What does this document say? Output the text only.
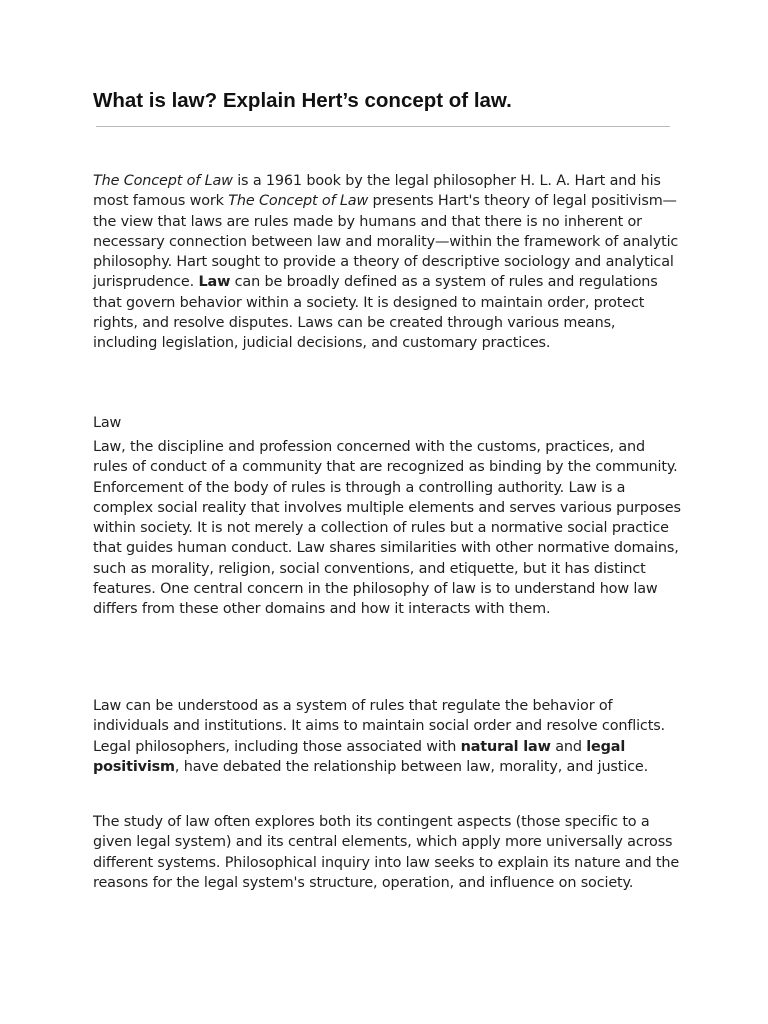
What is law? Explain Hert’s concept of law.

The Concept of Law is a 1961 book by the legal philosopher H. L. A. Hart and his most famous work The Concept of Law presents Hart's theory of legal positivism—the view that laws are rules made by humans and that there is no inherent or necessary connection between law and morality—within the framework of analytic philosophy. Hart sought to provide a theory of descriptive sociology and analytical jurisprudence. Law can be broadly defined as a system of rules and regulations that govern behavior within a society. It is designed to maintain order, protect rights, and resolve disputes. Laws can be created through various means, including legislation, judicial decisions, and customary practices.

Law

Law, the discipline and profession concerned with the customs, practices, and rules of conduct of a community that are recognized as binding by the community. Enforcement of the body of rules is through a controlling authority. Law is a complex social reality that involves multiple elements and serves various purposes within society. It is not merely a collection of rules but a normative social practice that guides human conduct. Law shares similarities with other normative domains, such as morality, religion, social conventions, and etiquette, but it has distinct features. One central concern in the philosophy of law is to understand how law differs from these other domains and how it interacts with them.

Law can be understood as a system of rules that regulate the behavior of individuals and institutions. It aims to maintain social order and resolve conflicts. Legal philosophers, including those associated with natural law and legal positivism, have debated the relationship between law, morality, and justice.

The study of law often explores both its contingent aspects (those specific to a given legal system) and its central elements, which apply more universally across different systems. Philosophical inquiry into law seeks to explain its nature and the reasons for the legal system's structure, operation, and influence on society.
